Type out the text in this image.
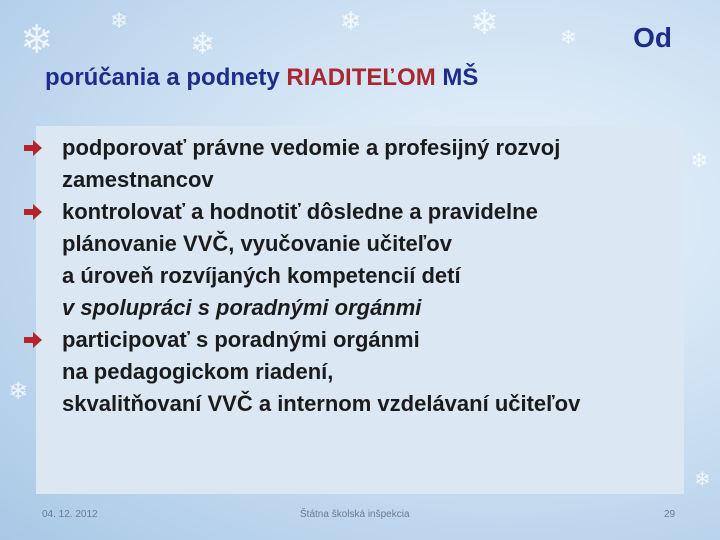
❄	❄
❄
❄	❄	❄
❄
❄
❄
Od
porúčania a podnety RIADITEĽOM MŠ
podporovať právne vedomie a profesijný rozvoj
zamestnancov
kontrolovať a hodnotiť dôsledne a pravidelne
plánovanie VVČ, vyučovanie učiteľov
a úroveň rozvíjaných kompetencií detí
v spolupráci s poradnými orgánmi
participovať s poradnými orgánmi
na pedagogickom riadení,
skvalitňovaní VVČ a internom vzdelávaní učiteľov
04. 12. 2012	Štátna školská inšpekcia	29
